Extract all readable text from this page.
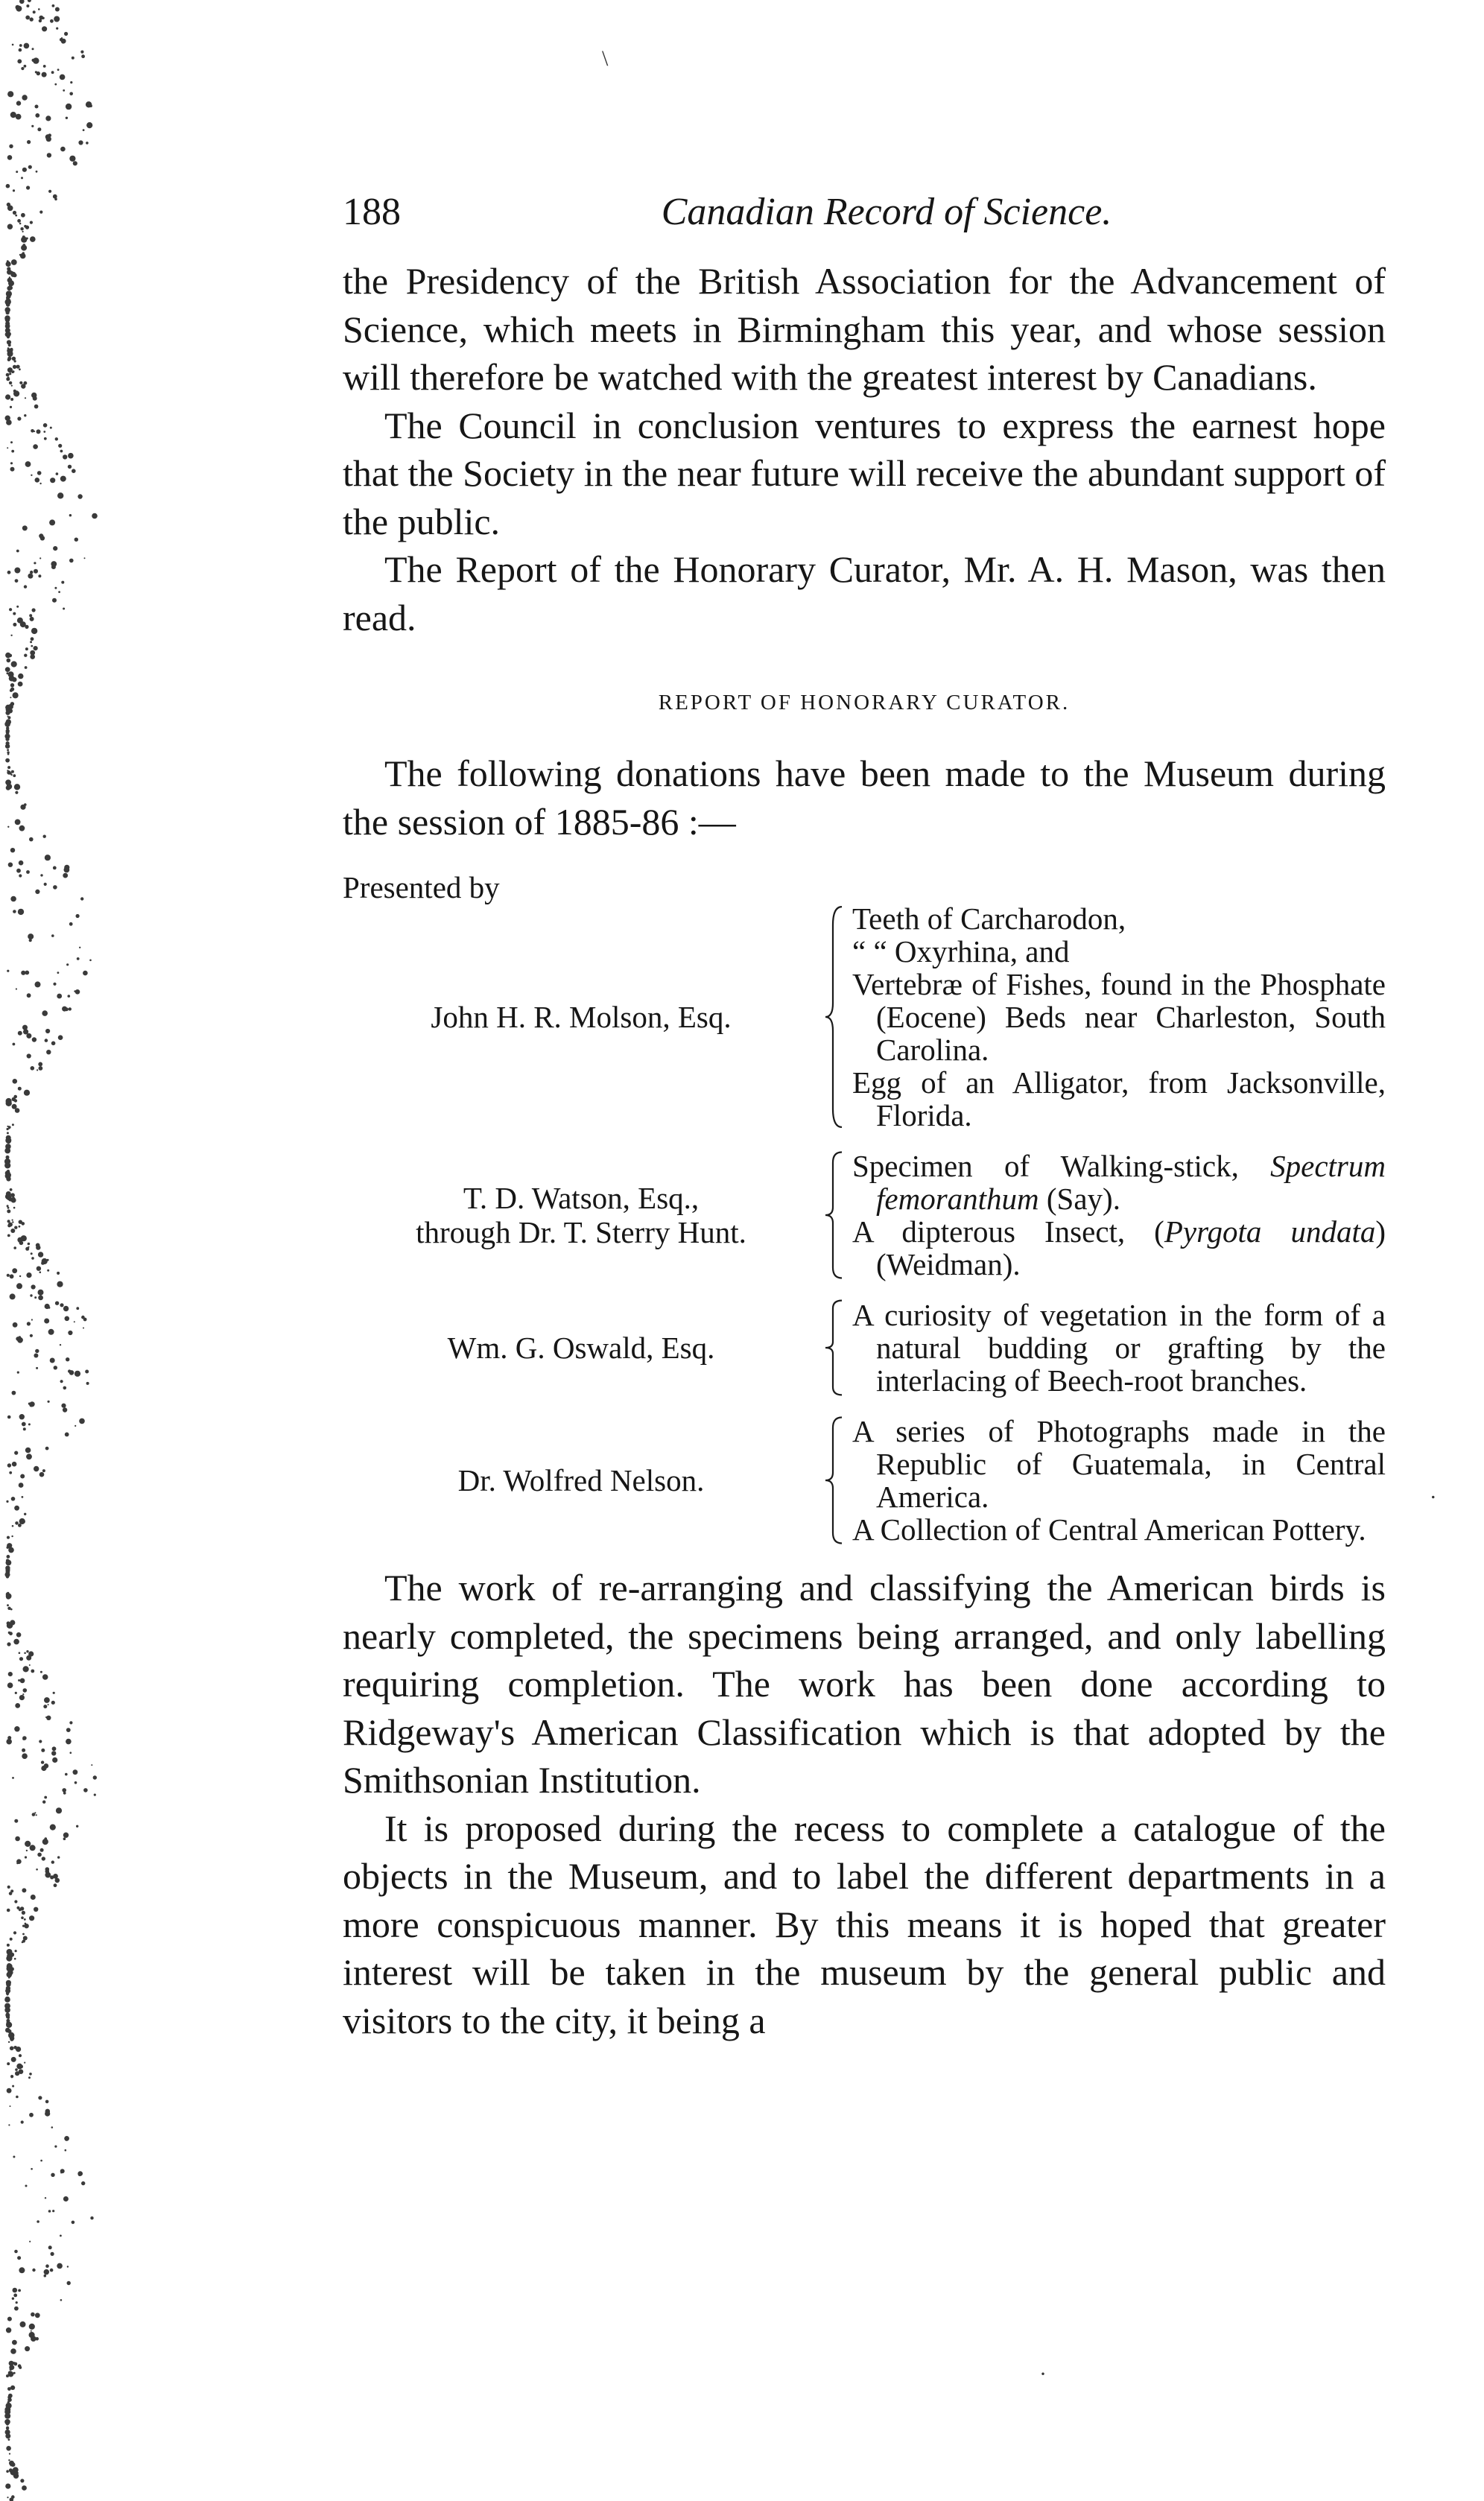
\
.
·
188	Canadian Record of Science.

the Presidency of the British Association for the Advancement of Science, which meets in Birmingham this year, and whose session will therefore be watched with the greatest interest by Canadians.

The Council in conclusion ventures to express the earnest hope that the Society in the near future will receive the abundant support of the public.

The Report of the Honorary Curator, Mr. A. H. Mason, was then read.

REPORT OF HONORARY CURATOR.

The following donations have been made to the Museum during the session of 1885-86 :—

Presented by
John H. R. Molson, Esq.
Teeth of Carcharodon,
“ “ Oxyrhina, and
Vertebræ of Fishes, found in the Phosphate (Eocene) Beds near Charleston, South Carolina.
Egg of an Alligator, from Jacksonville, Florida.
T. D. Watson, Esq.,
through Dr. T. Sterry Hunt.
Specimen of Walking-stick, Spectrum femoranthum (Say).
A dipterous Insect, (Pyrgota undata) (Weidman).
Wm. G. Oswald, Esq.
A curiosity of vegetation in the form of a natural budding or grafting by the interlacing of Beech-root branches.
Dr. Wolfred Nelson.
A series of Photographs made in the Republic of Guatemala, in Central America.
A Collection of Central American Pottery.

The work of re-arranging and classifying the American birds is nearly completed, the specimens being arranged, and only labelling requiring completion. The work has been done according to Ridgeway's American Classification which is that adopted by the Smithsonian Institution.

It is proposed during the recess to complete a catalogue of the objects in the Museum, and to label the different departments in a more conspicuous manner. By this means it is hoped that greater interest will be taken in the museum by the general public and visitors to the city, it being a
